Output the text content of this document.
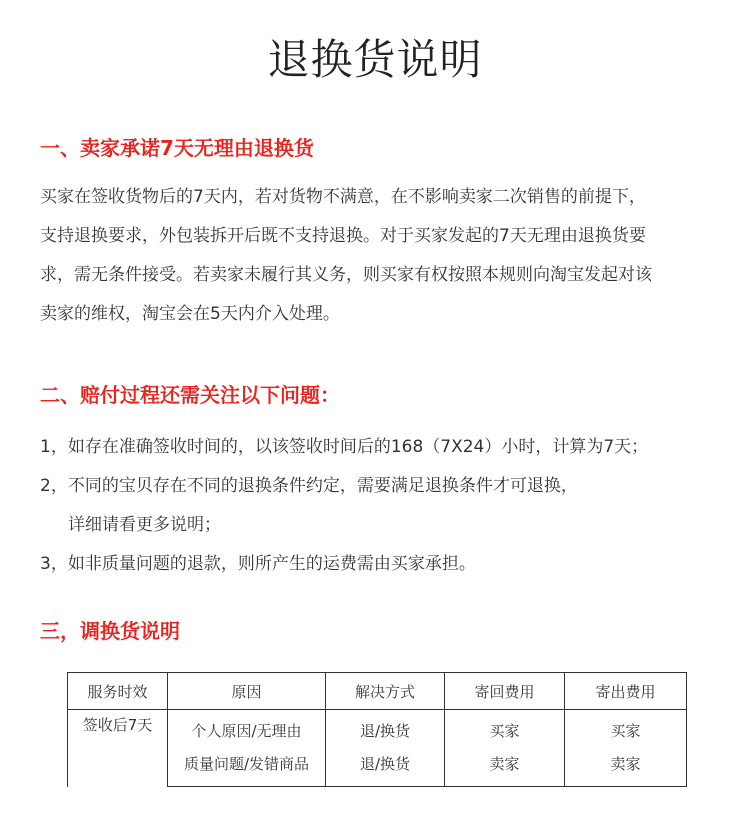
退换货说明
一、卖家承诺7天无理由退换货
买家在签收货物后的7天内，若对货物不满意，在不影响卖家二次销售的前提下，
支持退换要求，外包装拆开后既不支持退换。对于买家发起的7天无理由退换货要
求，需无条件接受。若卖家未履行其义务，则买家有权按照本规则向淘宝发起对该
卖家的维权，淘宝会在5天内介入处理。
二、赔付过程还需关注以下问题：
1，如存在准确签收时间的，以该签收时间后的168（7X24）小时，计算为7天；
2，不同的宝贝存在不同的退换条件约定，需要满足退换条件才可退换，
详细请看更多说明；
3，如非质量问题的退款，则所产生的运费需由买家承担。
三，调换货说明
服务时效	原因	解决方式	寄回费用	寄出费用
签收后7天	个人原因/无理由	退/换货	买家	买家
	质量问题/发错商品	退/换货	卖家	卖家
